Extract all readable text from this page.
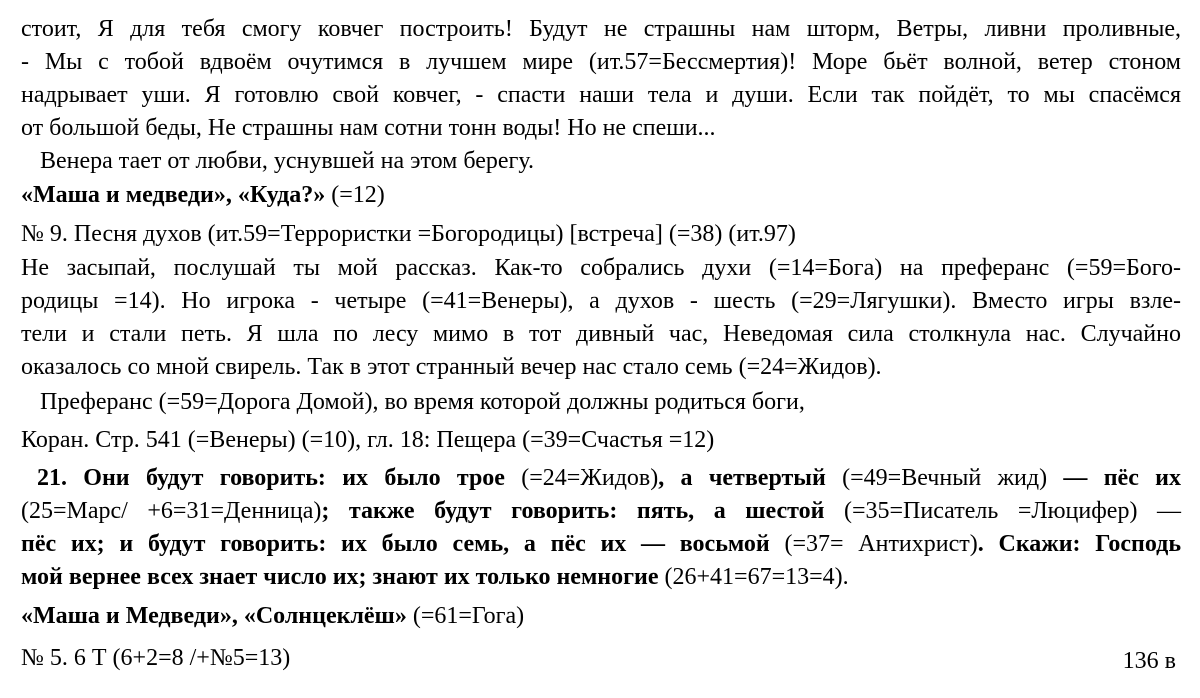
стоит, Я для тебя смогу ковчег построить! Будут не страшны нам шторм, Ветры, ливни проливные,
- Мы с тобой вдвоём очутимся в лучшем мире (ит.57=Бессмертия)! Море бьёт волной, ветер стоном
надрывает уши. Я готовлю свой ковчег, - спасти наши тела и души. Если так пойдёт, то мы спасёмся
от большой беды, Не страшны нам сотни тонн воды! Но не спеши...
Венера тает от любви, уснувшей на этом берегу.
«Маша и медведи», «Куда?» (=12)
№ 9. Песня духов (ит.59=Террористки =Богородицы) [встреча] (=38) (ит.97)
Не засыпай, послушай ты мой рассказ. Как-то собрались духи (=14=Бога) на преферанс (=59=Бого-
родицы =14). Но игрока - четыре (=41=Венеры), а духов - шесть (=29=Лягушки). Вместо игры взле-
тели и стали петь. Я шла по лесу мимо в тот дивный час, Неведомая сила столкнула нас. Случайно
оказалось со мной свирель. Так в этот странный вечер нас стало семь (=24=Жидов).
Преферанс (=59=Дорога Домой), во время которой должны родиться боги,
Коран. Стр. 541 (=Венеры) (=10), гл. 18: Пещера (=39=Счастья =12)
21. Они будут говорить: их было трое (=24=Жидов), а четвертый (=49=Вечный жид) — пёс их
(25=Марс/ +6=31=Денница); также будут говорить: пять, а шестой (=35=Писатель =Люцифер) —
пёс их; и будут говорить: их было семь, а пёс их — восьмой (=37= Антихрист). Скажи: Господь
мой вернее всех знает число их; знают их только немногие (26+41=67=13=4).
«Маша и Медведи», «Солнцеклёш» (=61=Гога)
№ 5. 6 Т (6+2=8 /+№5=13)	136 в
